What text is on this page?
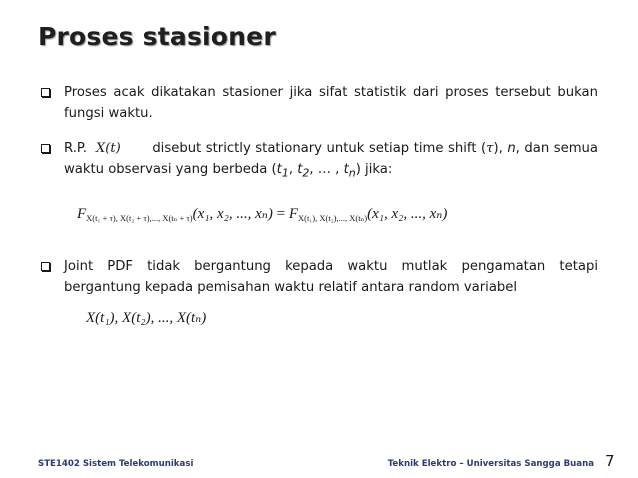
Proses stasioner
Proses acak dikatakan stasioner jika sifat statistik dari proses tersebut bukan fungsi waktu.
R.P. X(t) disebut strictly stationary untuk setiap time shift (τ), n, dan semua waktu observasi yang berbeda ($t_1$, $t_2$, … , $t_n$) jika:
$F_{X(t_1 + \tau), X(t_2 + \tau),..., X(t_n + \tau)}(x_1$, x₂, ..., $x_n) = F_{X(t_1), X(t_2),..., X(t_n)}(x_1$, x₂, ..., xₙ)
Joint PDF tidak bergantung kepada waktu mutlak pengamatan tetapi bergantung kepada pemisahan waktu relatif antara random variabel
X(t₁), X(t₂), ..., X(tₙ)
STE1402 Sistem Telekomunikasi	Teknik Elektro – Universitas Sangga Buana 7
